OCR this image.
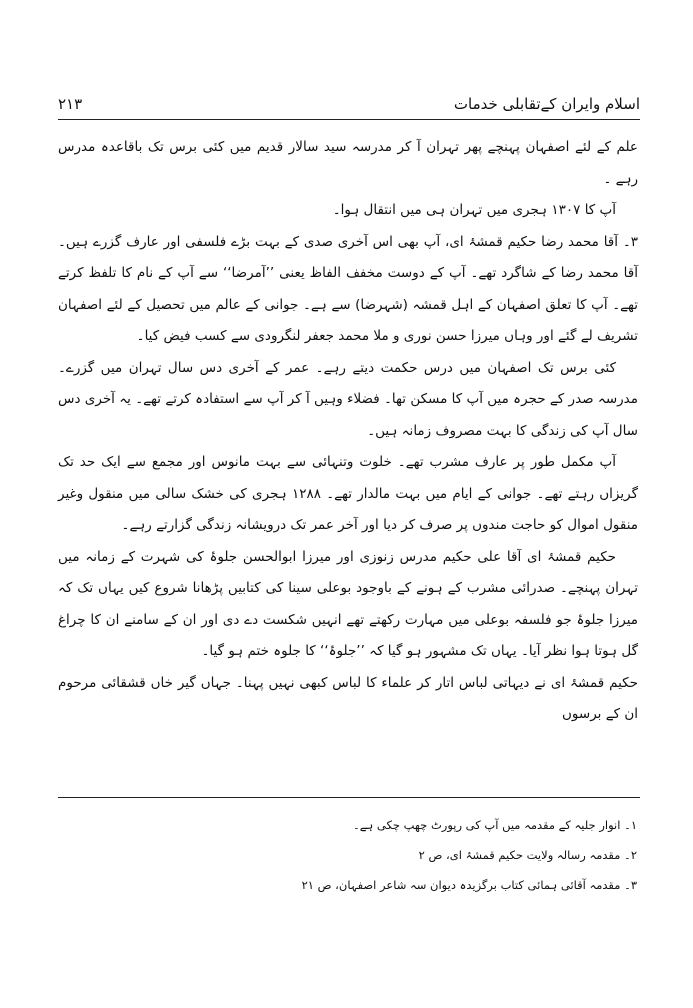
اسلام وایران کےتقابلی خدمات
۲۱۳

علم کے لئے اصفہان پہنچے پھر تہران آ کر مدرسہ سید سالار قدیم میں کئی برس تک باقاعدہ مدرس رہے ۔

آپ کا ۱۳۰۷ ہجری میں تہران ہی میں انتقال ہوا۔

۳۔ آقا محمد رضا حکیم قمشۂ ای، آپ بھی اس آخری صدی کے بہت بڑے فلسفی اور عارف گزرے ہیں۔ آقا محمد رضا کے شاگرد تھے۔ آپ کے دوست مخفف الفاظ یعنی ’’آمرضا‘‘ سے آپ کے نام کا تلفظ کرتے تھے۔ آپ کا تعلق اصفہان کے اہل قمشہ (شہرضا) سے ہے۔ جوانی کے عالم میں تحصیل کے لئے اصفہان تشریف لے گئے اور وہاں میرزا حسن نوری و ملا محمد جعفر لنگرودی سے کسب فیض کیا۔

کئی برس تک اصفہان میں درس حکمت دیتے رہے۔ عمر کے آخری دس سال تہران میں گزرے۔ مدرسہ صدر کے حجرہ میں آپ کا مسکن تھا۔ فضلاء وہیں آ کر آپ سے استفادہ کرتے تھے۔ یہ آخری دس سال آپ کی زندگی کا بہت مصروف زمانہ ہیں۔

آپ مکمل طور پر عارف مشرب تھے۔ خلوت وتنہائی سے بہت مانوس اور مجمع سے ایک حد تک گریزاں رہتے تھے۔ جوانی کے ایام میں بہت مالدار تھے۔ ۱۲۸۸ ہجری کی خشک سالی میں منقول وغیر منقول اموال کو حاجت مندوں پر صرف کر دیا اور آخر عمر تک درویشانہ زندگی گزارتے رہے۔

حکیم قمشۂ ای آقا علی حکیم مدرس زنوزی اور میرزا ابوالحسن جلوۂ کی شہرت کے زمانہ میں تہران پہنچے۔ صدرائی مشرب کے ہونے کے باوجود بوعلی سینا کی کتابیں پڑھانا شروع کیں یہاں تک کہ میرزا جلوۂ جو فلسفہ بوعلی میں مہارت رکھتے تھے انہیں شکست دے دی اور ان کے سامنے ان کا چراغ گل ہوتا ہوا نظر آیا۔ یہاں تک مشہور ہو گیا کہ ’’جلوۂ‘‘ کا جلوہ ختم ہو گیا۔

حکیم قمشۂ ای نے دیہاتی لباس اتار کر علماء کا لباس کبھی نہیں پہنا۔ جہاں گیر خاں قشقائی مرحوم ان کے برسوں

۱۔ انوار جلیہ کے مقدمہ میں آپ کی رپورٹ چھپ چکی ہے۔

۲۔ مقدمہ رسالہ ولایت حکیم قمشۂ ای، ص ۲

۳۔ مقدمہ آقائی ہمائی کتاب برگزیدہ دیوان سہ شاعر اصفہان، ص ۲۱
